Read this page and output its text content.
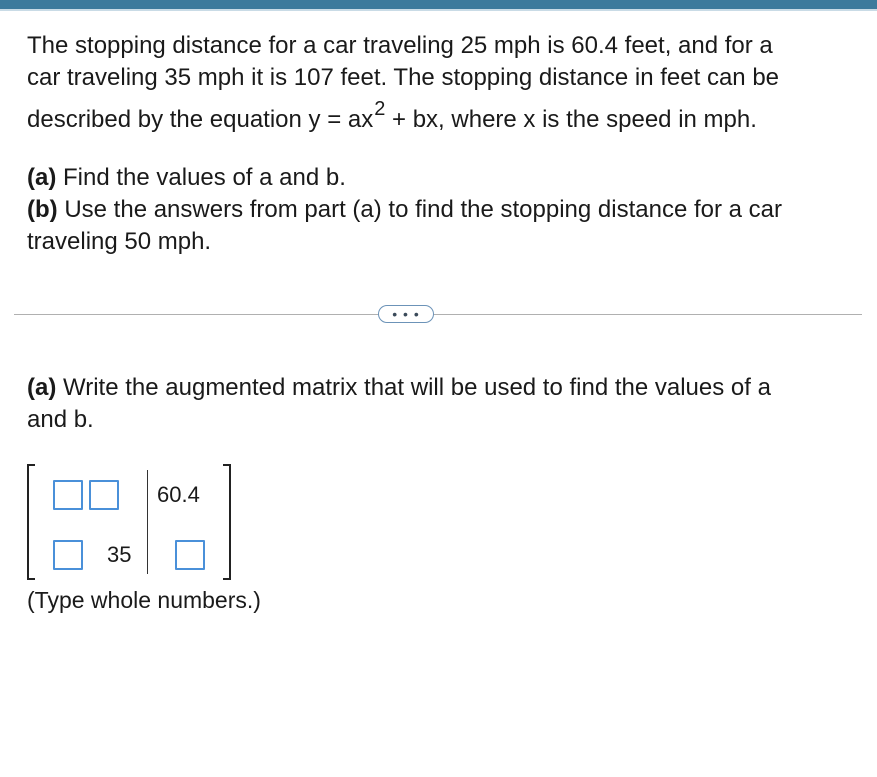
The stopping distance for a car traveling 25 mph is 60.4 feet, and for a

car traveling 35 mph it is 107 feet. The stopping distance in feet can be

described by the equation $y = ax^2$ + bx, where x is the speed in mph.

(a) Find the values of a and b.
(b) Use the answers from part (a) to find the stopping distance for a car
traveling 50 mph.
• • •
(a) Write the augmented matrix that will be used to find the values of a
and b.
60.4
35
(Type whole numbers.)
